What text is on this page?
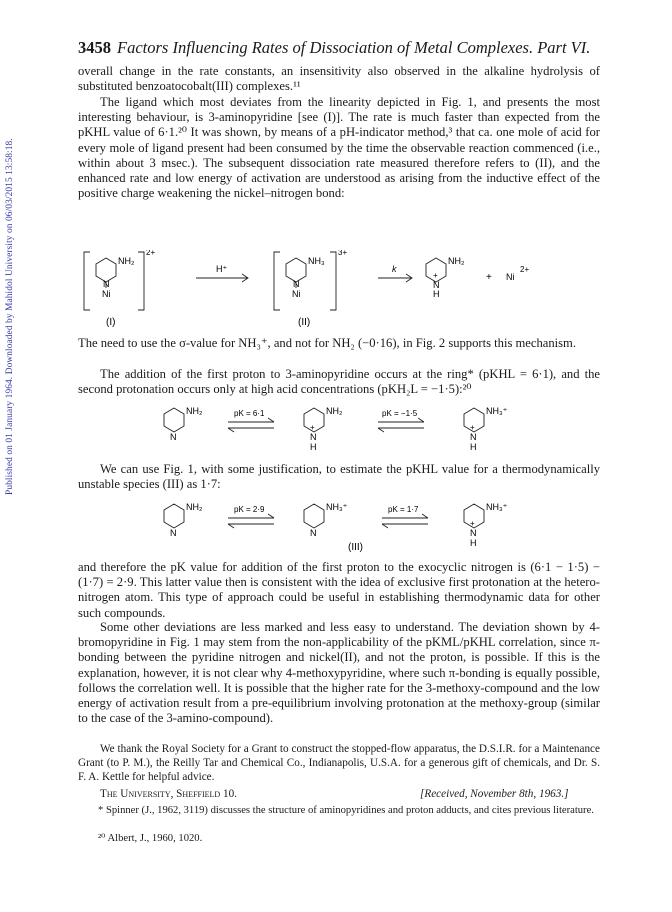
Published on 01 January 1964. Downloaded by Mahidol University on 06/03/2015 13:58:18.
3458 Factors Influencing Rates of Dissociation of Metal Complexes. Part VI.

overall change in the rate constants, an insensitivity also observed in the alkaline hydrolysis of substituted benzoatocobalt(III) complexes.¹¹

The ligand which most deviates from the linearity depicted in Fig. 1, and presents the most interesting behaviour, is 3-aminopyridine [see (I)]. The rate is much faster than expected from the pKHL value of 6·1.²⁰ It was shown, by means of a pH-indicator method,³ that ca. one mole of acid for every mole of ligand present had been consumed by the time the observable reaction commenced (i.e., within about 3 msec.). The subsequent dissociation rate measured therefore refers to (II), and the enhanced rate and low energy of activation are understood as arising from the inductive effect of the positive charge weakening the nickel–nitrogen bond:

NH₂
N
Ni
2+
H⁺
NH₃
N
Ni
3+
k
NH₂
+
N
H
+ Ni
2+
(I)	(II)

The need to use the σ-value for NH₃⁺, and not for NH₂ (−0·16), in Fig. 2 supports this mechanism.

The addition of the first proton to 3-aminopyridine occurs at the ring* (pKHL = 6·1), and the second protonation occurs only at high acid concentrations (pKH₂L = −1·5):²⁰

NH₂
N
pK = 6·1	NH₂
+
N
H
pK = −1·5	NH₃⁺
+
N
H

We can use Fig. 1, with some justification, to estimate the pKHL value for a thermodynamically unstable species (III) as 1·7:

NH₂
N
pK = 2·9	NH₃⁺
N
pK = 1·7	NH₃⁺
+
N
H
(III)

and therefore the pK value for addition of the first proton to the exocyclic nitrogen is (6·1 − 1·5) − (1·7) = 2·9. This latter value then is consistent with the idea of exclusive first protonation at the hetero-nitrogen atom. This type of approach could be useful in establishing thermodynamic data for other such compounds.

Some other deviations are less marked and less easy to understand. The deviation shown by 4-bromopyridine in Fig. 1 may stem from the non-applicability of the pKML/pKHL correlation, since π-bonding between the pyridine nitrogen and nickel(II), and not the proton, is possible. If this is the explanation, however, it is not clear why 4-methoxypyridine, where such π-bonding is equally possible, follows the correlation well. It is possible that the higher rate for the 3-methoxy-compound and the low energy of activation result from a pre-equilibrium involving protonation at the methoxy-group (similar to the case of the 3-amino-compound).

We thank the Royal Society for a Grant to construct the stopped-flow apparatus, the D.S.I.R. for a Maintenance Grant (to P. M.), the Reilly Tar and Chemical Co., Indianapolis, U.S.A. for a generous gift of chemicals, and Dr. S. F. A. Kettle for helpful advice.

The University, Sheffield 10.	[Received, November 8th, 1963.]

* Spinner (J., 1962, 3119) discusses the structure of aminopyridines and proton adducts, and cites previous literature.

²⁰ Albert, J., 1960, 1020.
